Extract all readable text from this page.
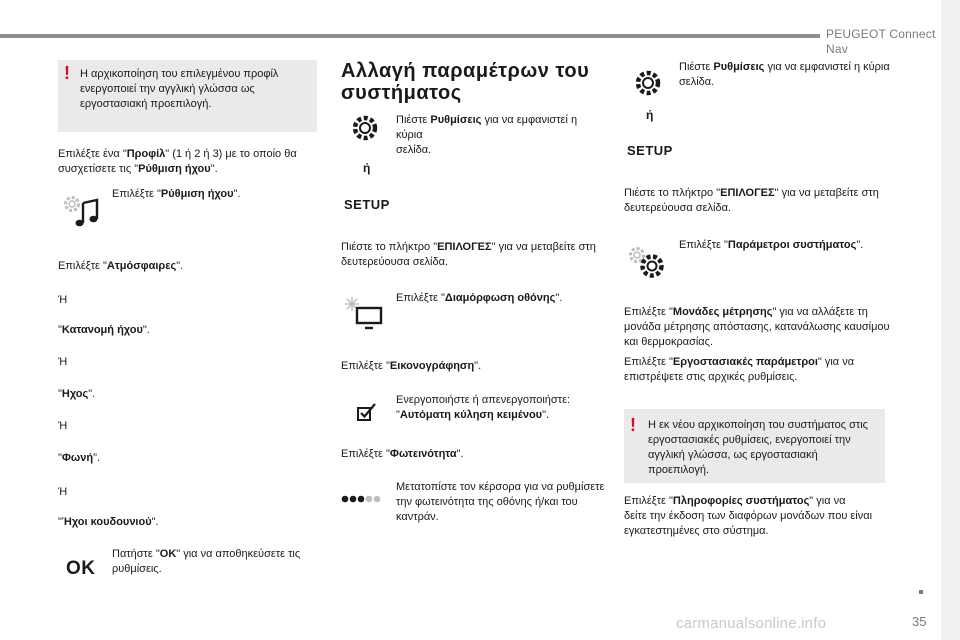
PEUGEOT Connect Nav
35
carmanualsonline.info
! Η αρχικοποίηση του επιλεγμένου προφίλ ενεργοποιεί την αγγλική γλώσσα ως εργοστασιακή προεπιλογή.
Επιλέξτε ένα "Προφίλ" (1 ή 2 ή 3) με το οποίο θα
συσχετίσετε τις "Ρύθμιση ήχου".
Επιλέξτε "Ρύθμιση ήχου".
Επιλέξτε "Ατμόσφαιρες".
Ή
"Κατανομή ήχου".
Ή
"Ηχος".
Ή
"Φωνή".
Ή
"Ήχοι κουδουνιού".
OK
Πατήστε "OK" για να αποθηκεύσετε τις
ρυθμίσεις.
Αλλαγή παραμέτρων του
συστήματος
Πιέστε Ρυθμίσεις για να εμφανιστεί η κύρια
σελίδα.
ή
SETUP
Πιέστε το πλήκτρο "ΕΠΙΛΟΓΕΣ" για να μεταβείτε στη
δευτερεύουσα σελίδα.
Επιλέξτε "Διαμόρφωση οθόνης".
Επιλέξτε "Εικονογράφηση".
Ενεργοποιήστε ή απενεργοποιήστε:
"Αυτόματη κύληση κειμένου".
Επιλέξτε "Φωτεινότητα".
Μετατοπίστε τον κέρσορα για να ρυθμίσετε
την φωτεινότητα της οθόνης ή/και του
καντράν.
Πιέστε Ρυθμίσεις για να εμφανιστεί η κύρια
σελίδα.
ή
SETUP
Πιέστε το πλήκτρο "ΕΠΙΛΟΓΕΣ" για να μεταβείτε στη
δευτερεύουσα σελίδα.
Επιλέξτε "Παράμετροι συστήματος".
Επιλέξτε "Μονάδες μέτρησης" για να αλλάξετε τη
μονάδα μέτρησης απόστασης, κατανάλωσης καυσίμου
και θερμοκρασίας.
Επιλέξτε "Εργοστασιακές παράμετροι" για να
επιστρέψετε στις αρχικές ρυθμίσεις.
! Η εκ νέου αρχικοποίηση του συστήματος στις εργοστασιακές ρυθμίσεις, ενεργοποιεί την αγγλική γλώσσα, ως εργοστασιακή προεπιλογή.
Επιλέξτε "Πληροφορίες συστήματος" για να
δείτε την έκδοση των διαφόρων μονάδων που είναι
εγκατεστημένες στο σύστημα.
